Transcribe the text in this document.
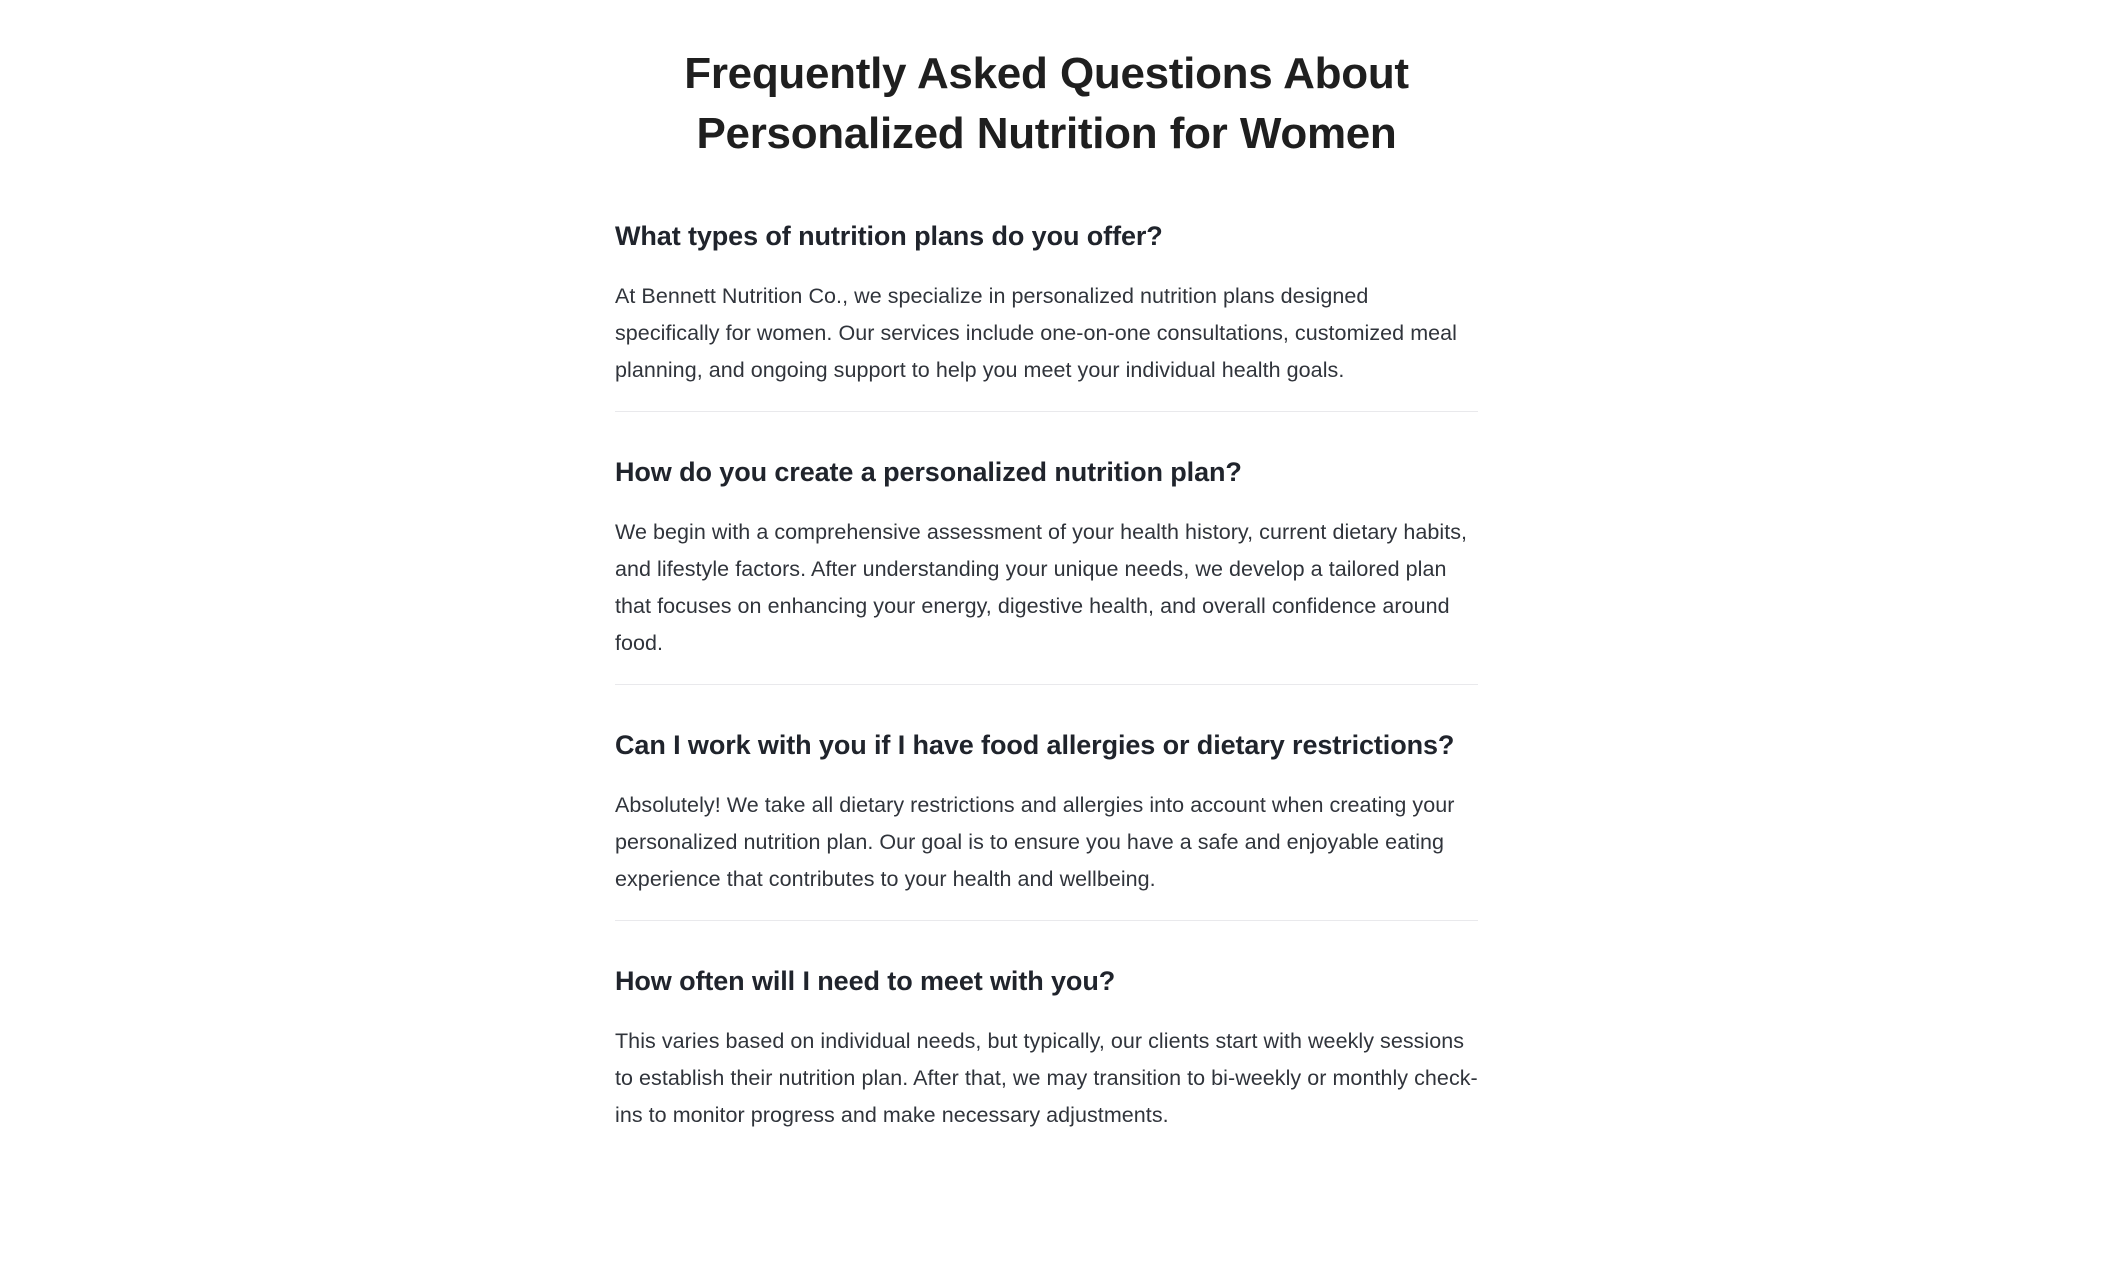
Frequently Asked Questions About Personalized Nutrition for Women
What types of nutrition plans do you offer?

At Bennett Nutrition Co., we specialize in personalized nutrition plans designed specifically for women. Our services include one-on-one consultations, customized meal planning, and ongoing support to help you meet your individual health goals.

How do you create a personalized nutrition plan?

We begin with a comprehensive assessment of your health history, current dietary habits, and lifestyle factors. After understanding your unique needs, we develop a tailored plan that focuses on enhancing your energy, digestive health, and overall confidence around food.

Can I work with you if I have food allergies or dietary restrictions?

Absolutely! We take all dietary restrictions and allergies into account when creating your personalized nutrition plan. Our goal is to ensure you have a safe and enjoyable eating experience that contributes to your health and wellbeing.

How often will I need to meet with you?

This varies based on individual needs, but typically, our clients start with weekly sessions to establish their nutrition plan. After that, we may transition to bi-weekly or monthly check-ins to monitor progress and make necessary adjustments.
